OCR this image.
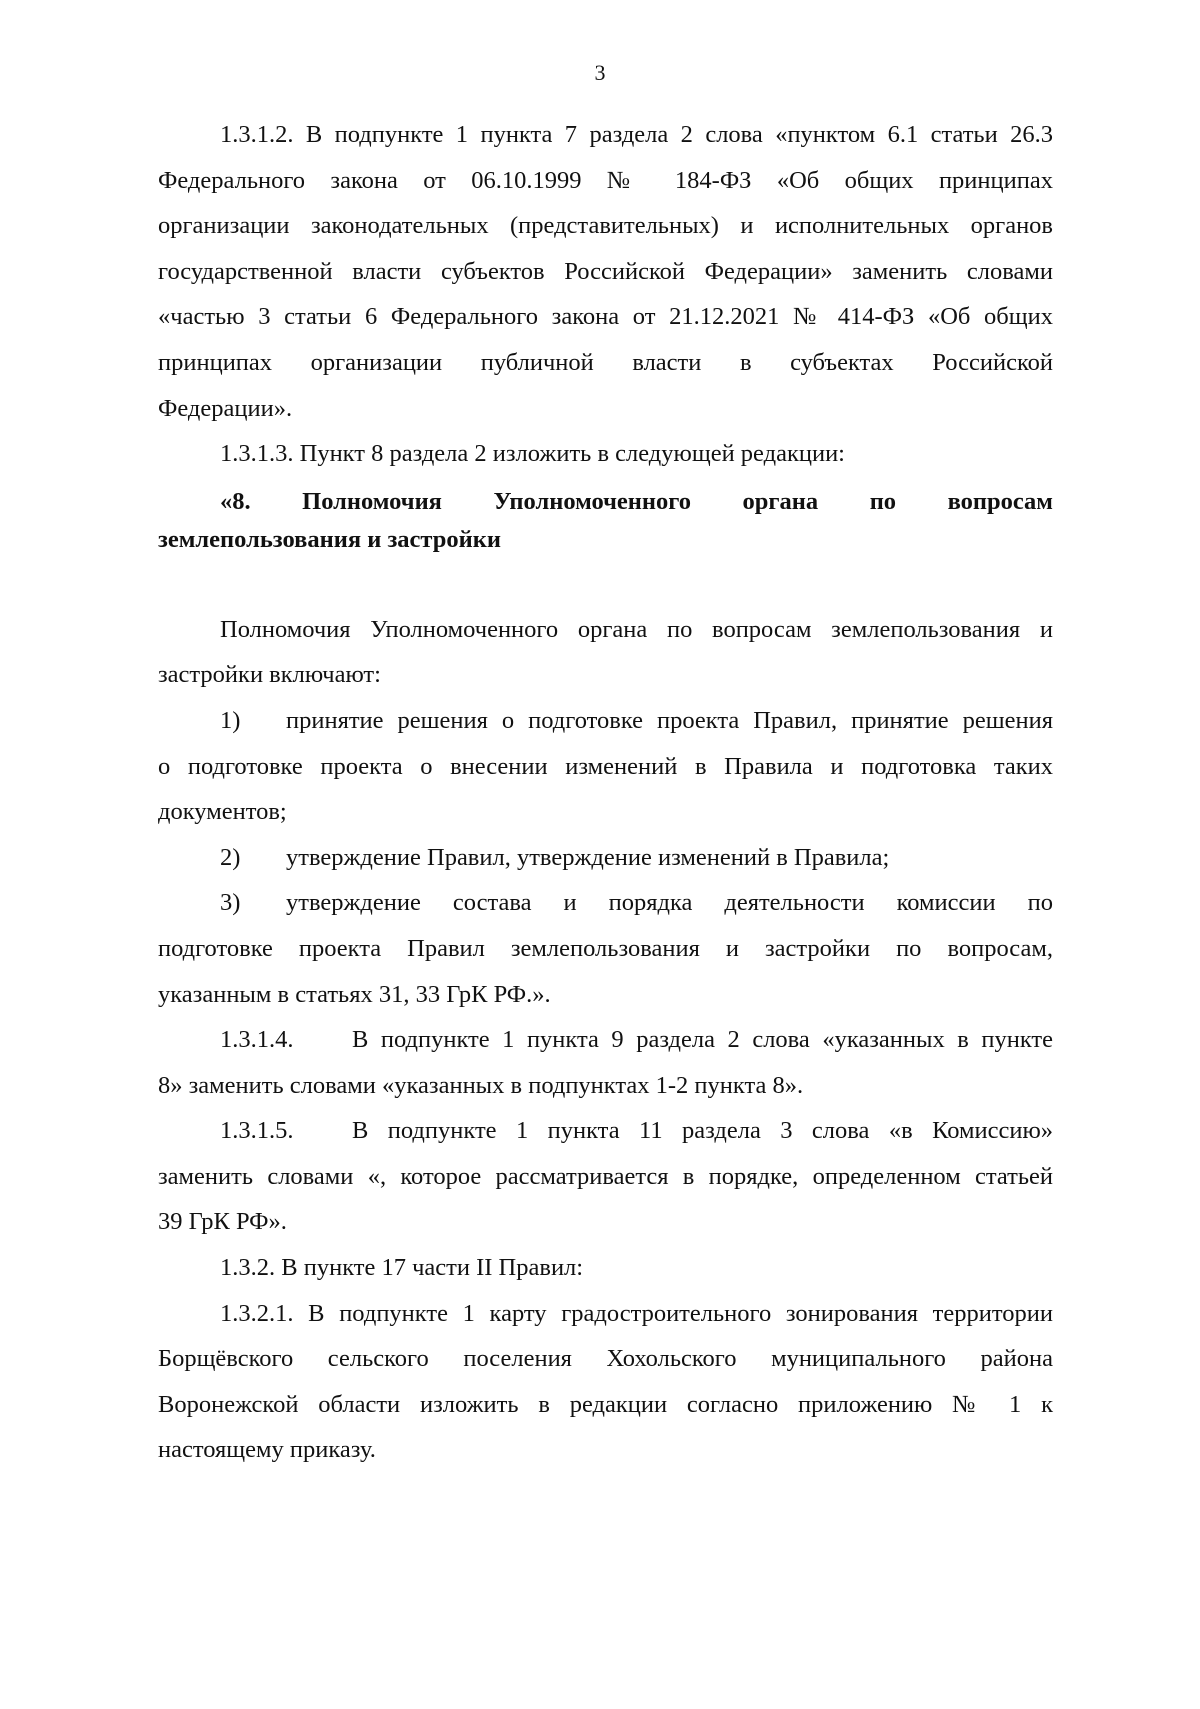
3
1.3.1.2. В подпункте 1 пункта 7 раздела 2 слова «пунктом 6.1 статьи 26.3
Федерального закона от 06.10.1999 № 184-ФЗ «Об общих принципах
организации законодательных (представительных) и исполнительных органов
государственной власти субъектов Российской Федерации» заменить словами
«частью 3 статьи 6 Федерального закона от 21.12.2021 № 414-ФЗ «Об общих
принципах организации публичной власти в субъектах Российской
Федерации».
1.3.1.3. Пункт 8 раздела 2 изложить в следующей редакции:
«8. Полномочия Уполномоченного органа по вопросам
землепользования и застройки
Полномочия Уполномоченного органа по вопросам землепользования и
застройки включают:
1) принятие решения о подготовке проекта Правил, принятие решения
о подготовке проекта о внесении изменений в Правила и подготовка таких
документов;
2) утверждение Правил, утверждение изменений в Правила;
3) утверждение состава и порядка деятельности комиссии по
подготовке проекта Правил землепользования и застройки по вопросам,
указанным в статьях 31, 33 ГрК РФ.».
1.3.1.4. В подпункте 1 пункта 9 раздела 2 слова «указанных в пункте
8» заменить словами «указанных в подпунктах 1-2 пункта 8».
1.3.1.5. В подпункте 1 пункта 11 раздела 3 слова «в Комиссию»
заменить словами «, которое рассматривается в порядке, определенном статьей
39 ГрК РФ».
1.3.2. В пункте 17 части II Правил:
1.3.2.1. В подпункте 1 карту градостроительного зонирования территории
Борщёвского сельского поселения Хохольского муниципального района
Воронежской области изложить в редакции согласно приложению № 1 к
настоящему приказу.
